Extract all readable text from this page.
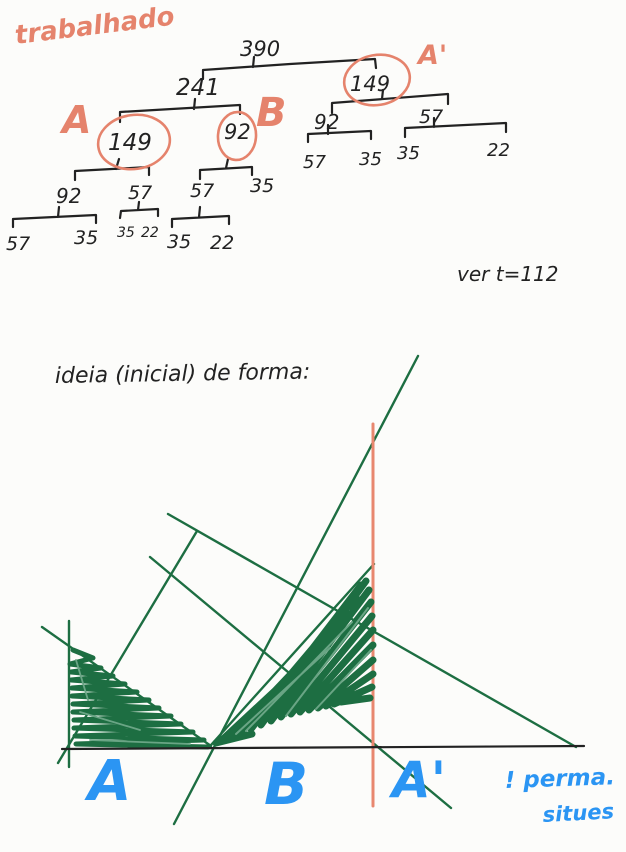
trabalhado	390
241	149
149	92	92	57
57 35 35	22
92 57 57 35
57 35 35 22 35 22
A	B
A'
ver t=112
ideia (inicial) de forma:
A B A'	! perma.
situes
